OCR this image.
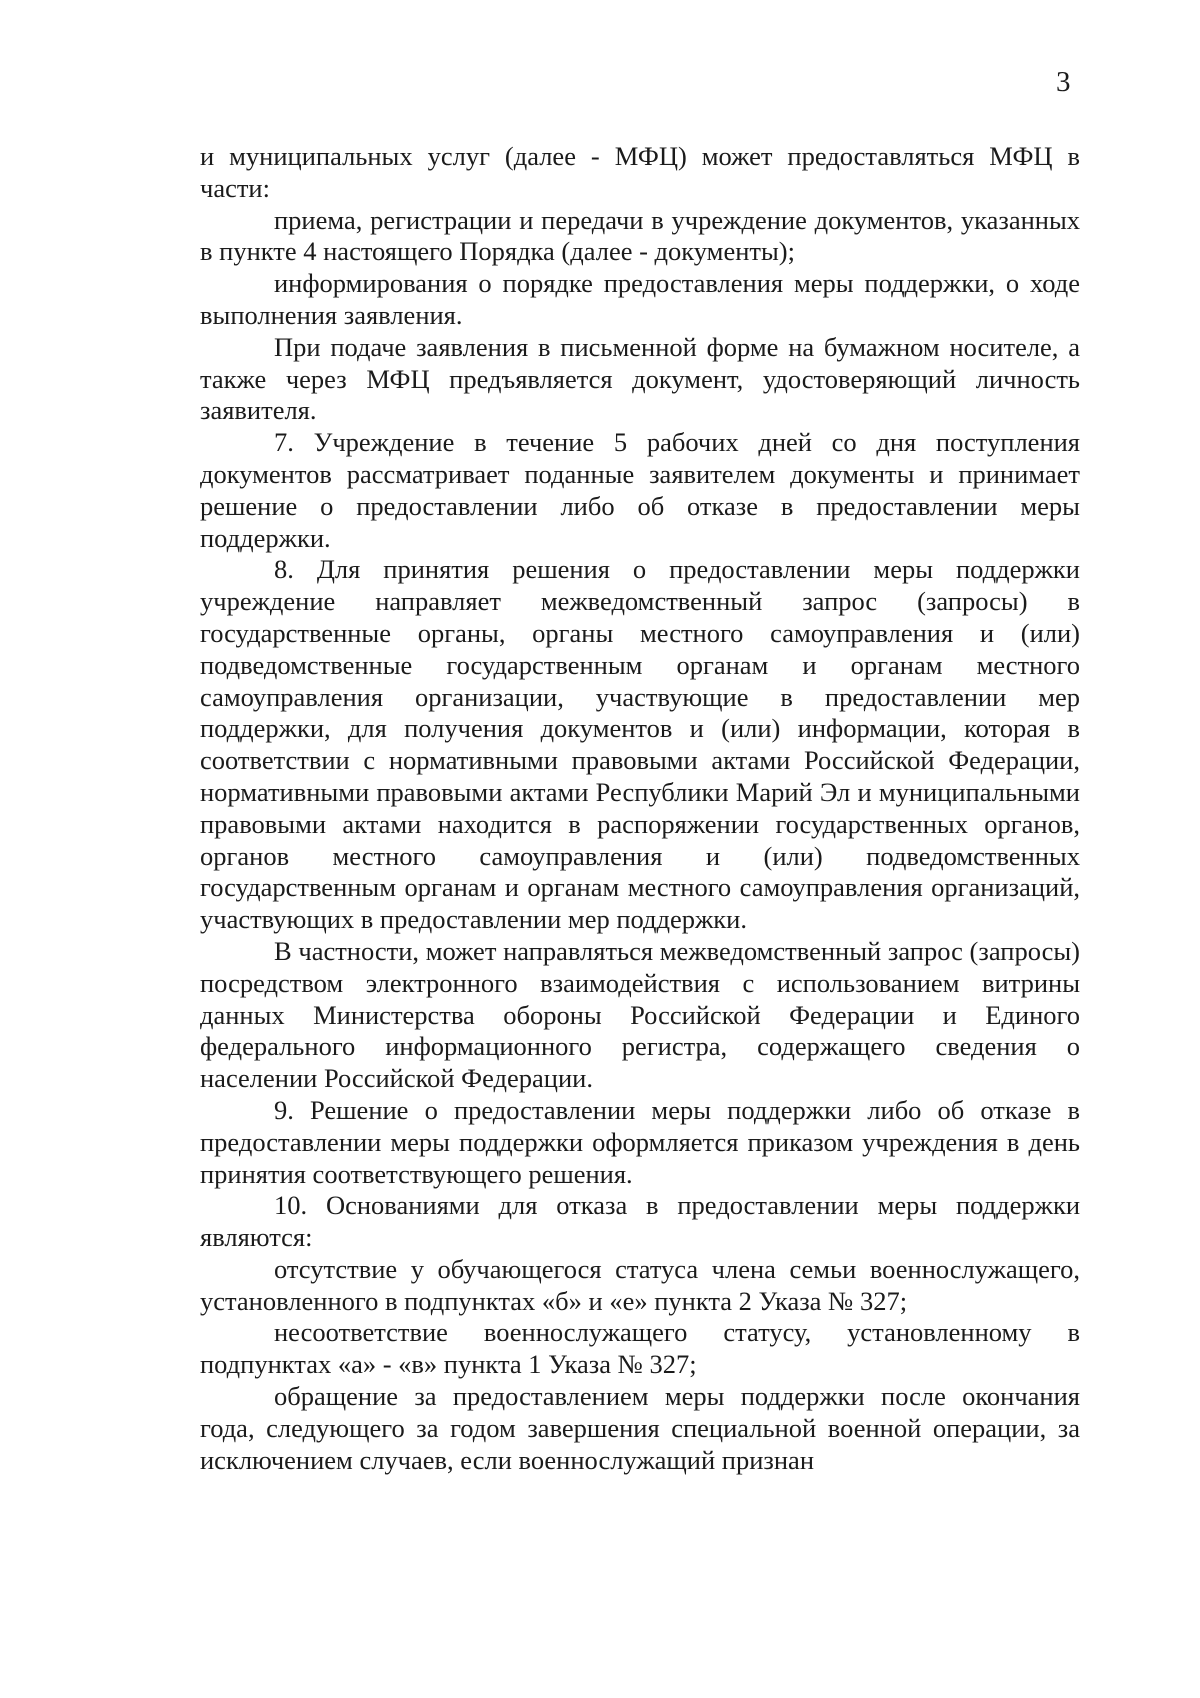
3

и муниципальных услуг (далее - МФЦ) может предоставляться МФЦ в части:

приема, регистрации и передачи в учреждение документов, указанных в пункте 4 настоящего Порядка (далее - документы);

информирования о порядке предоставления меры поддержки, о ходе выполнения заявления.

При подаче заявления в письменной форме на бумажном носителе, а также через МФЦ предъявляется документ, удостоверяющий личность заявителя.

7. Учреждение в течение 5 рабочих дней со дня поступления документов рассматривает поданные заявителем документы и принимает решение о предоставлении либо об отказе в предоставлении меры поддержки.

8. Для принятия решения о предоставлении меры поддержки учреждение направляет межведомственный запрос (запросы) в государственные органы, органы местного самоуправления и (или) подведомственные государственным органам и органам местного самоуправления организации, участвующие в предоставлении мер поддержки, для получения документов и (или) информации, которая в соответствии с нормативными правовыми актами Российской Федерации, нормативными правовыми актами Республики Марий Эл и муниципальными правовыми актами находится в распоряжении государственных органов, органов местного самоуправления и (или) подведомственных государственным органам и органам местного самоуправления организаций, участвующих в предоставлении мер поддержки.

В частности, может направляться межведомственный запрос (запросы) посредством электронного взаимодействия с использованием витрины данных Министерства обороны Российской Федерации и Единого федерального информационного регистра, содержащего сведения о населении Российской Федерации.

9. Решение о предоставлении меры поддержки либо об отказе в предоставлении меры поддержки оформляется приказом учреждения в день принятия соответствующего решения.

10. Основаниями для отказа в предоставлении меры поддержки являются:

отсутствие у обучающегося статуса члена семьи военнослужащего, установленного в подпунктах «б» и «е» пункта 2 Указа № 327;

несоответствие военнослужащего статусу, установленному в подпунктах «а» - «в» пункта 1 Указа № 327;

обращение за предоставлением меры поддержки после окончания года, следующего за годом завершения специальной военной операции, за исключением случаев, если военнослужащий признан
